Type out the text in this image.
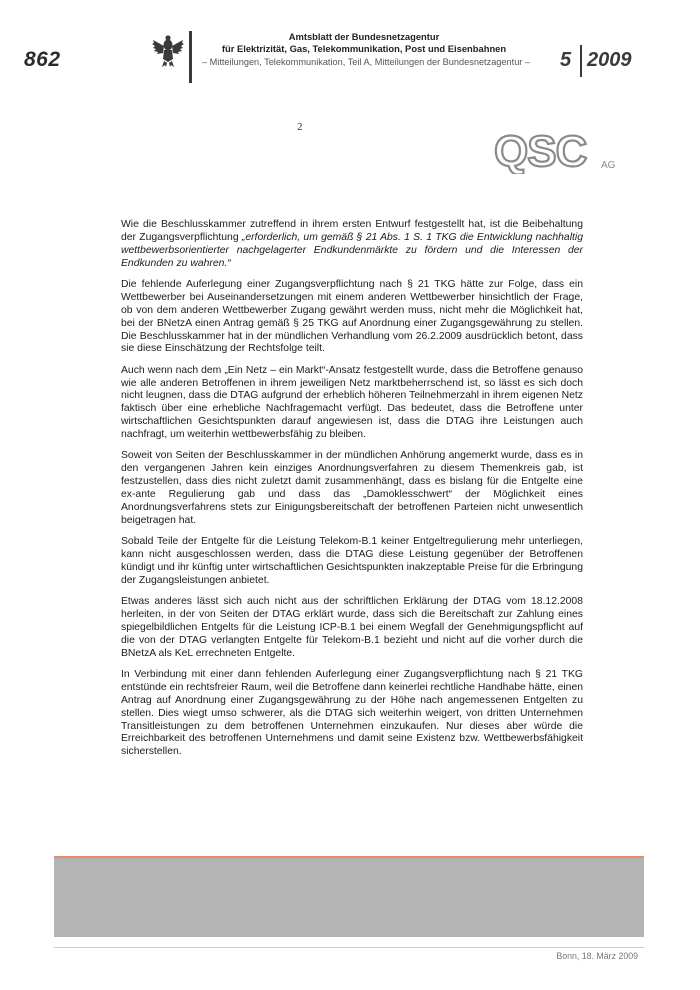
862
Amtsblatt der Bundesnetzagentur
für Elektrizität, Gas, Telekommunikation, Post und Eisenbahnen
– Mitteilungen, Telekommunikation, Teil A, Mitteilungen der Bundesnetzagentur – 5 2009
2	QSC AG

Wie die Beschlusskammer zutreffend in ihrem ersten Entwurf festgestellt hat, ist die Beibehaltung der Zugangsverpflichtung „erforderlich, um gemäß § 21 Abs. 1 S. 1 TKG die Entwicklung nachhaltig wettbewerbsorientierter nachgelagerter Endkundenmärkte zu fördern und die Interessen der Endkunden zu wahren.“

Die fehlende Auferlegung einer Zugangsverpflichtung nach § 21 TKG hätte zur Folge, dass ein Wettbewerber bei Auseinandersetzungen mit einem anderen Wettbewerber hinsichtlich der Frage, ob von dem anderen Wettbewerber Zugang gewährt werden muss, nicht mehr die Möglichkeit hat, bei der BNetzA einen Antrag gemäß § 25 TKG auf Anordnung einer Zugangsgewährung zu stellen. Die Beschlusskammer hat in der mündlichen Verhandlung vom 26.2.2009 ausdrücklich betont, dass sie diese Einschätzung der Rechtsfolge teilt.

Auch wenn nach dem „Ein Netz – ein Markt“-Ansatz festgestellt wurde, dass die Betroffene genauso wie alle anderen Betroffenen in ihrem jeweiligen Netz marktbeherrschend ist, so lässt es sich doch nicht leugnen, dass die DTAG aufgrund der erheblich höheren Teilnehmerzahl in ihrem eigenen Netz faktisch über eine erhebliche Nachfragemacht verfügt. Das bedeutet, dass die Betroffene unter wirtschaftlichen Gesichtspunkten darauf angewiesen ist, dass die DTAG ihre Leistungen auch nachfragt, um weiterhin wettbewerbsfähig zu bleiben.

Soweit von Seiten der Beschlusskammer in der mündlichen Anhörung angemerkt wurde, dass es in den vergangenen Jahren kein einziges Anordnungsverfahren zu diesem Themenkreis gab, ist festzustellen, dass dies nicht zuletzt damit zusammenhängt, dass es bislang für die Entgelte eine ex-ante Regulierung gab und dass das „Damoklesschwert“ der Möglichkeit eines Anordnungsverfahrens stets zur Einigungsbereitschaft der betroffenen Parteien nicht unwesentlich beigetragen hat.

Sobald Teile der Entgelte für die Leistung Telekom-B.1 keiner Entgeltregulierung mehr unterliegen, kann nicht ausgeschlossen werden, dass die DTAG diese Leistung gegenüber der Betroffenen kündigt und ihr künftig unter wirtschaftlichen Gesichtspunkten inakzeptable Preise für die Erbringung der Zugangsleistungen anbietet.

Etwas anderes lässt sich auch nicht aus der schriftlichen Erklärung der DTAG vom 18.12.2008 herleiten, in der von Seiten der DTAG erklärt wurde, dass sich die Bereitschaft zur Zahlung eines spiegelbildlichen Entgelts für die Leistung ICP-B.1 bei einem Wegfall der Genehmigungspflicht auf die von der DTAG verlangten Entgelte für Telekom-B.1 bezieht und nicht auf die vorher durch die BNetzA als KeL errechneten Entgelte.

In Verbindung mit einer dann fehlenden Auferlegung einer Zugangsverpflichtung nach § 21 TKG entstünde ein rechtsfreier Raum, weil die Betroffene dann keinerlei rechtliche Handhabe hätte, einen Antrag auf Anordnung einer Zugangsgewährung zu der Höhe nach angemessenen Entgelten zu stellen. Dies wiegt umso schwerer, als die DTAG sich weiterhin weigert, von dritten Unternehmen Transitleistungen zu dem betroffenen Unternehmen einzukaufen. Nur dieses aber würde die Erreichbarkeit des betroffenen Unternehmens und damit seine Existenz bzw. Wettbewerbsfähigkeit sicherstellen.

Bonn, 18. März 2009
